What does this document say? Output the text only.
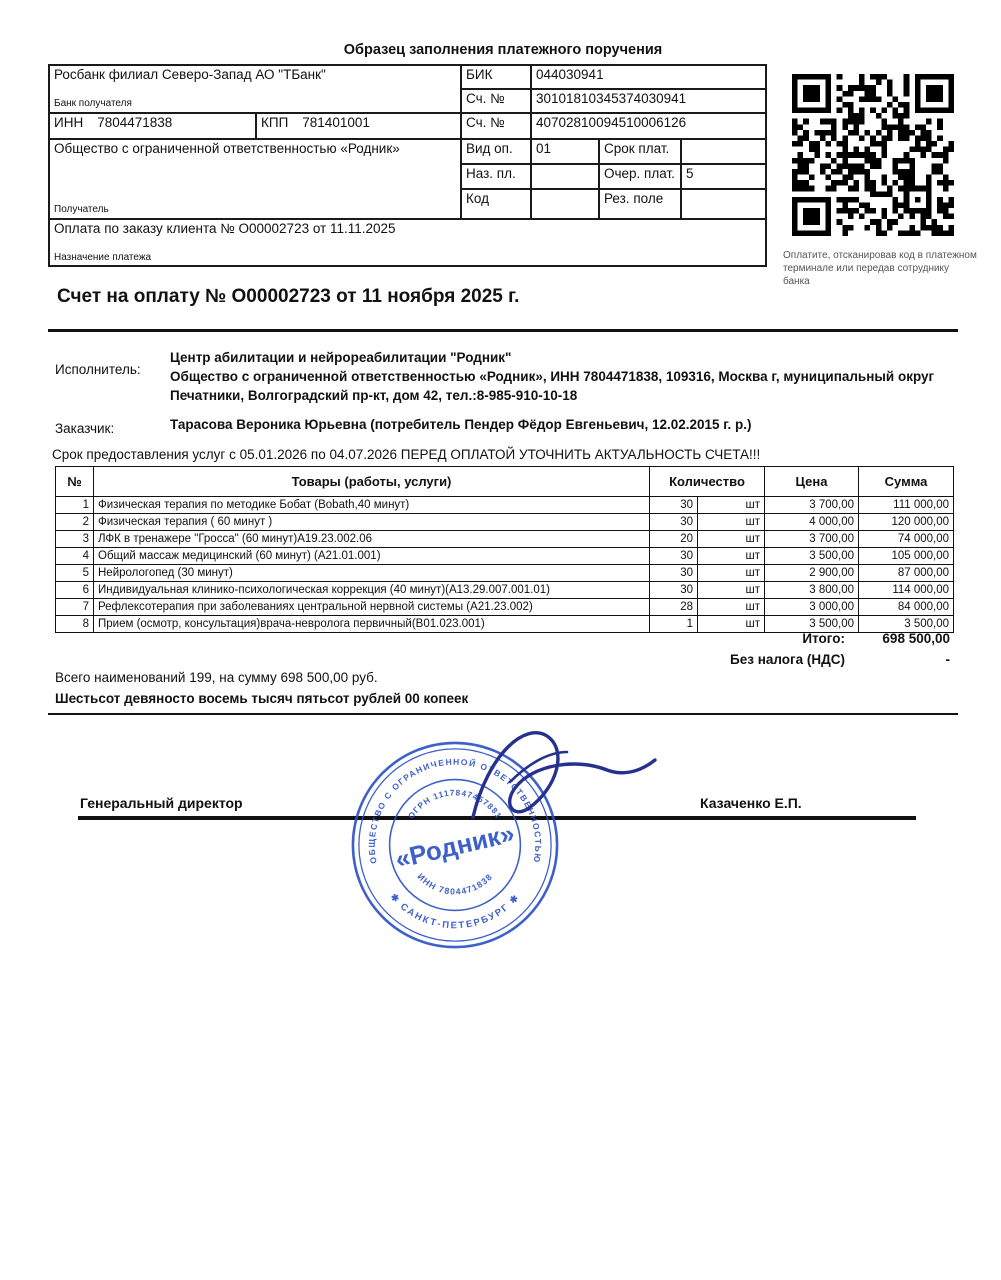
Образец заполнения платежного поручения
Росбанк филиал Северо-Запад АО "ТБанк"
Банк получателя		БИК	044030941		
		Сч. №	30101810345374030941		

ИНН 7804471838	КПП 781401001	Сч. №	40702810094510006126		

Общество с ограниченной ответственностью «Родник»
Получатель		Вид оп.	01	Срок плат.	
		Наз. пл.		Очер. плат.	5
		Код		Рез. поле	

Оплата по заказу клиента № О00002723 от 11.11.2025
Назначение платежа						Оплатите, отсканировав код в платежном
терминале или передав сотруднику банка
Счет на оплату № О00002723 от 11 ноября 2025 г.
Исполнитель:
Центр абилитации и нейрореабилитации "Родник"
Общество с ограниченной ответственностью «Родник», ИНН 7804471838, 109316, Москва г, муниципальный округ Печатники, Волгоградский пр-кт, дом 42, тел.:8-985-910-10-18
Заказчик:	Тарасова Вероника Юрьевна (потребитель Пендер Фёдор Евгеньевич, 12.02.2015 г. р.)
Срок предоставления услуг с 05.01.2026 по 04.07.2026 ПЕРЕД ОПЛАТОЙ УТОЧНИТЬ АКТУАЛЬНОСТЬ СЧЕТА!!!
№	Товары (работы, услуги)	Количество		Цена	Сумма
1	Физическая терапия по методике Бобат (Bobath,40 минут)	30	шт	3 700,00	111 000,00
2	Физическая терапия ( 60 минут )	30	шт	4 000,00	120 000,00
3	ЛФК в тренажере "Гросса" (60 минут)А19.23.002.06	20	шт	3 700,00	74 000,00
4	Общий массаж медицинский (60 минут) (А21.01.001)	30	шт	3 500,00	105 000,00
5	Нейрологопед (30 минут)	30	шт	2 900,00	87 000,00
6	Индивидуальная клинико-психологическая коррекция (40 минут)(А13.29.007.001.01)	30	шт	3 800,00	114 000,00
7	Рефлексотерапия при заболеваниях центральной нервной системы (А21.23.002)	28	шт	3 000,00	84 000,00
8	Прием (осмотр, консультация)врача-невролога первичный(В01.023.001)	1	шт	3 500,00	3 500,00
Итого:	698 500,00
Без налога (НДС)	-
Всего наименований 199, на сумму 698 500,00 руб.
Шестьсот девяносто восемь тысяч пятьсот рублей 00 копеек
Генеральный директор	Казаченко Е.П.
ОБЩЕСТВО С ОГРАНИЧЕННОЙ ОТВЕТСТВЕННОСТЬЮ
✱ САНКТ-ПЕТЕРБУРГ ✱
ОГРН 1117847457881
ИНН 7804471838
«Родник»
